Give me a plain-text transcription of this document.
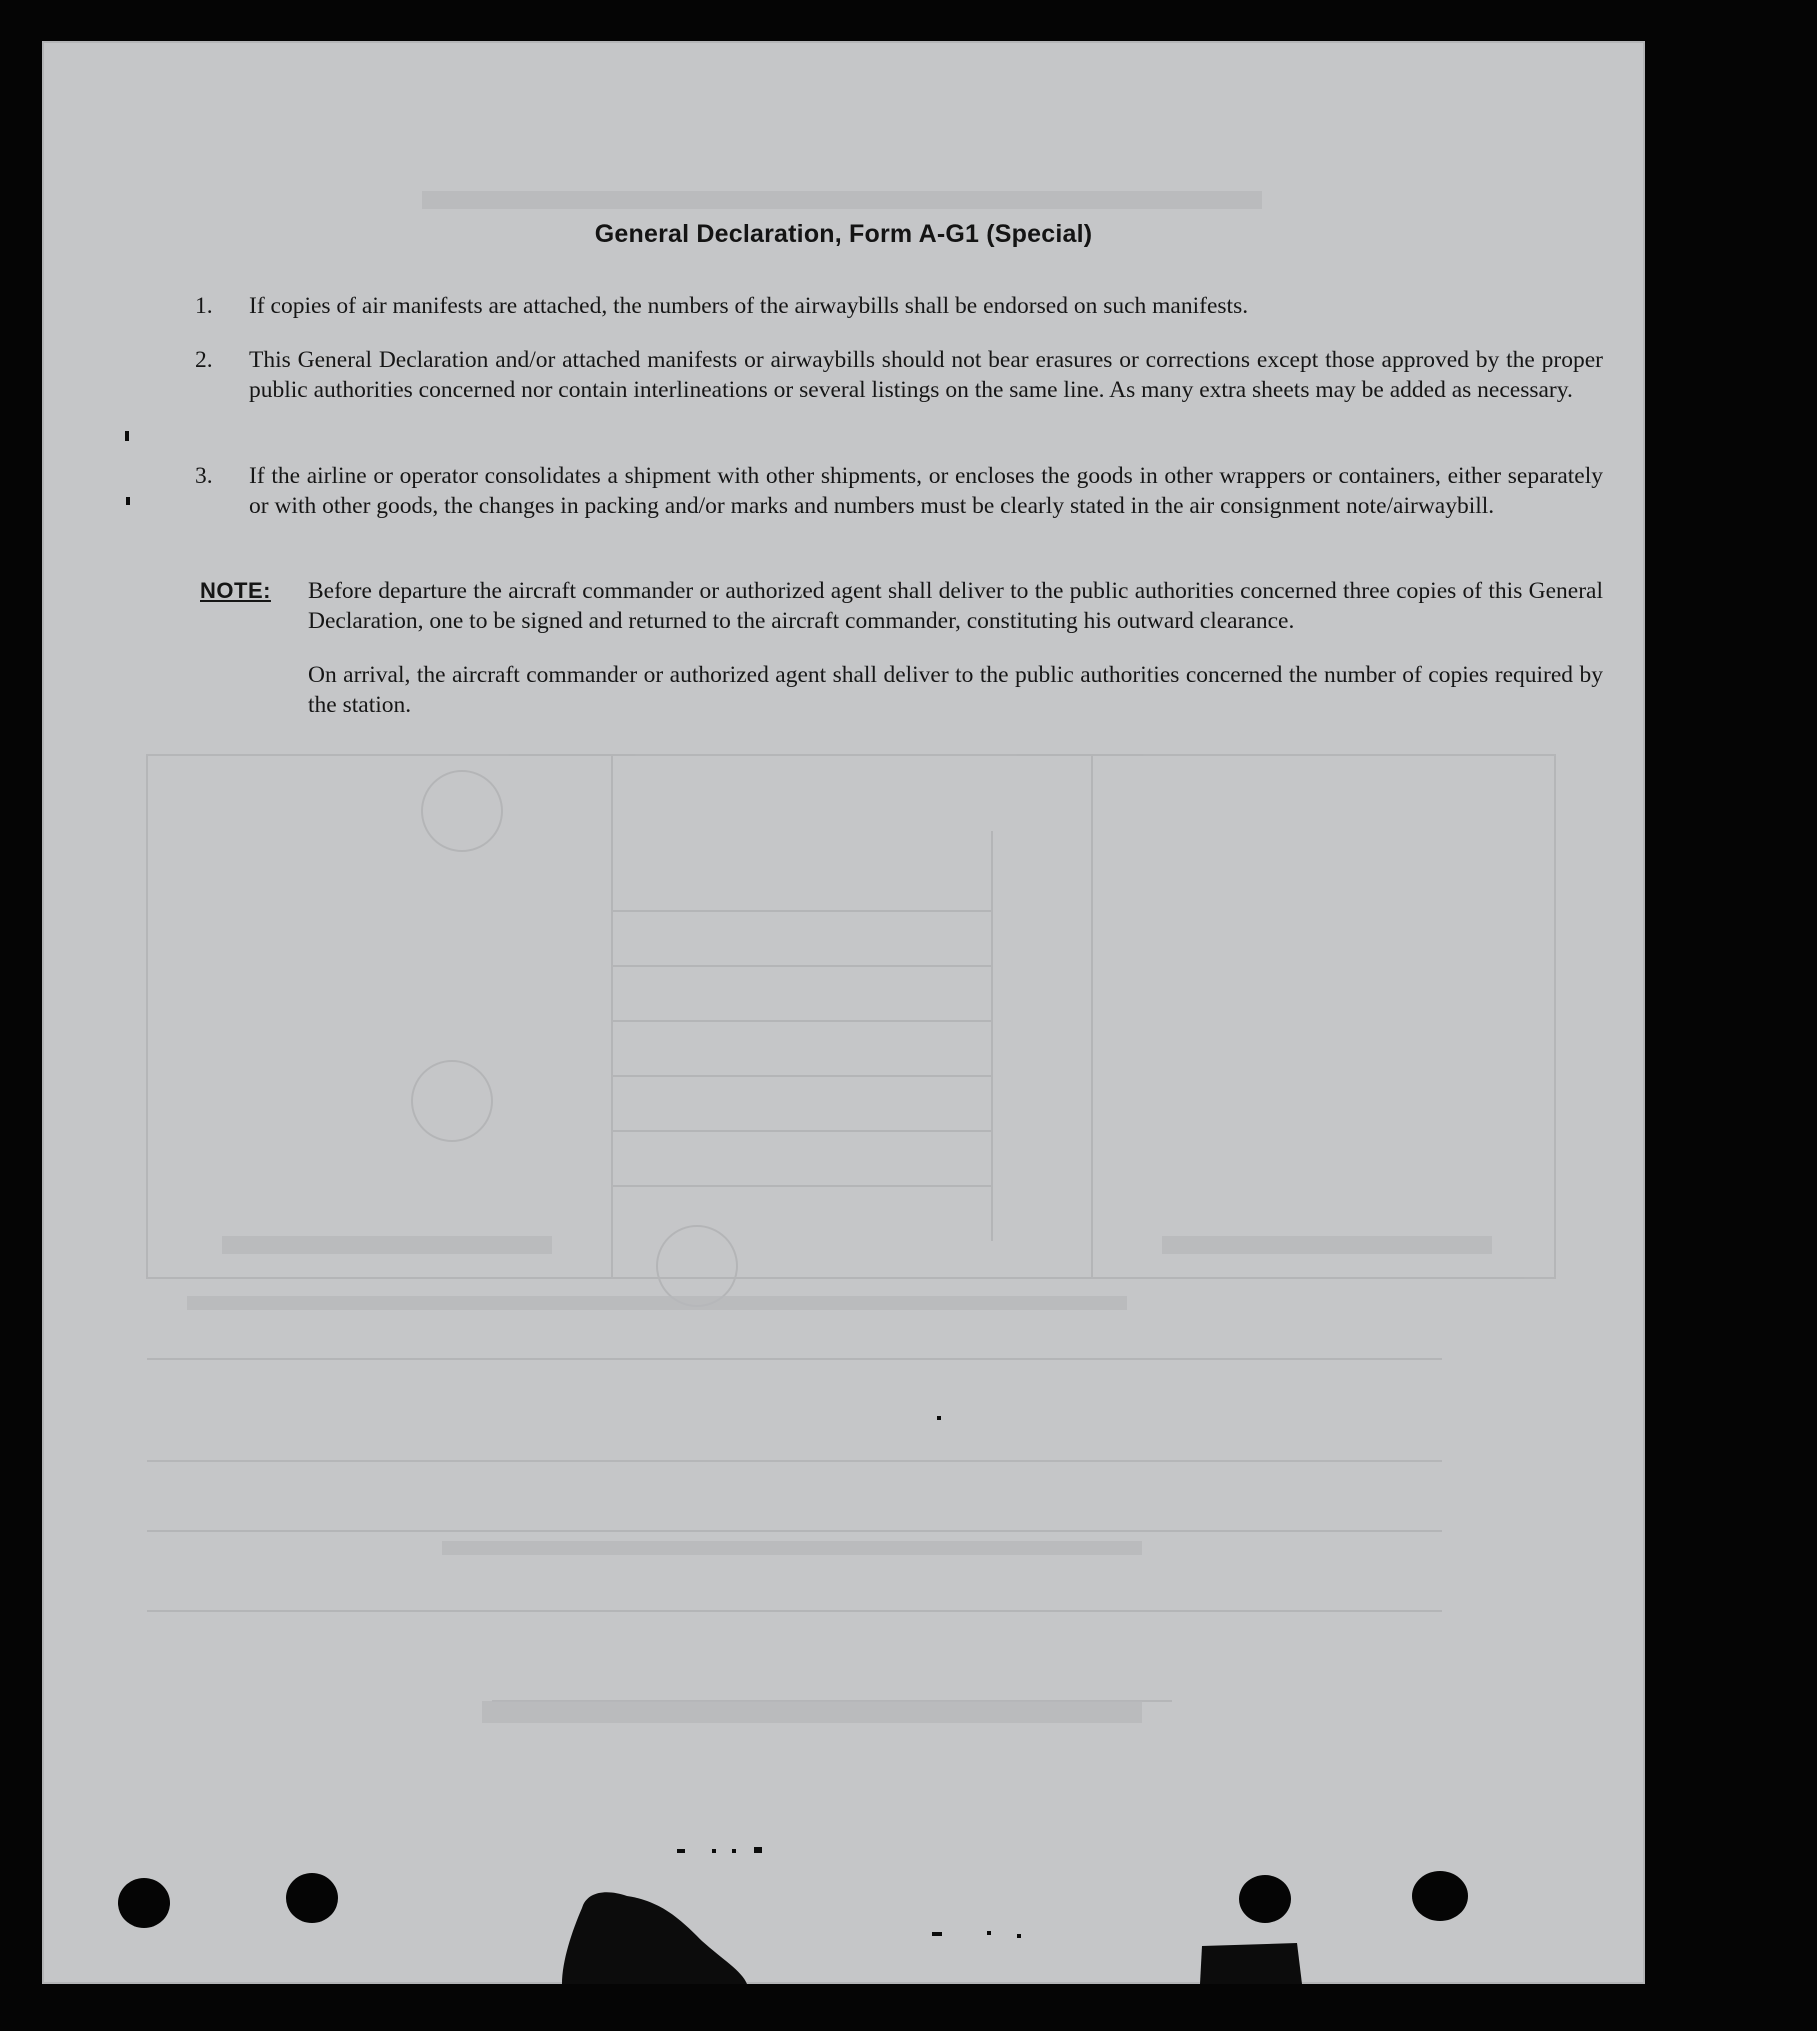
General Declaration, Form A-G1 (Special)
1.	If copies of air manifests are attached, the numbers of the airwaybills shall be endorsed on such manifests.
2.	This General Declaration and/or attached manifests or airwaybills should not bear erasures or corrections except those approved by the proper public authorities concerned nor contain interlineations or several listings on the same line. As many extra sheets may be added as necessary.
3.	If the airline or operator consolidates a shipment with other shipments, or encloses the goods in other wrappers or containers, either separately or with other goods, the changes in packing and/or marks and numbers must be clearly stated in the air consignment note/airwaybill.
NOTE: Before departure the aircraft commander or authorized agent shall deliver to the public authorities concerned three copies of this General Declaration, one to be signed and returned to the aircraft commander, constituting his outward clearance.

On arrival, the aircraft commander or authorized agent shall deliver to the public authorities concerned the number of copies required by the station.
